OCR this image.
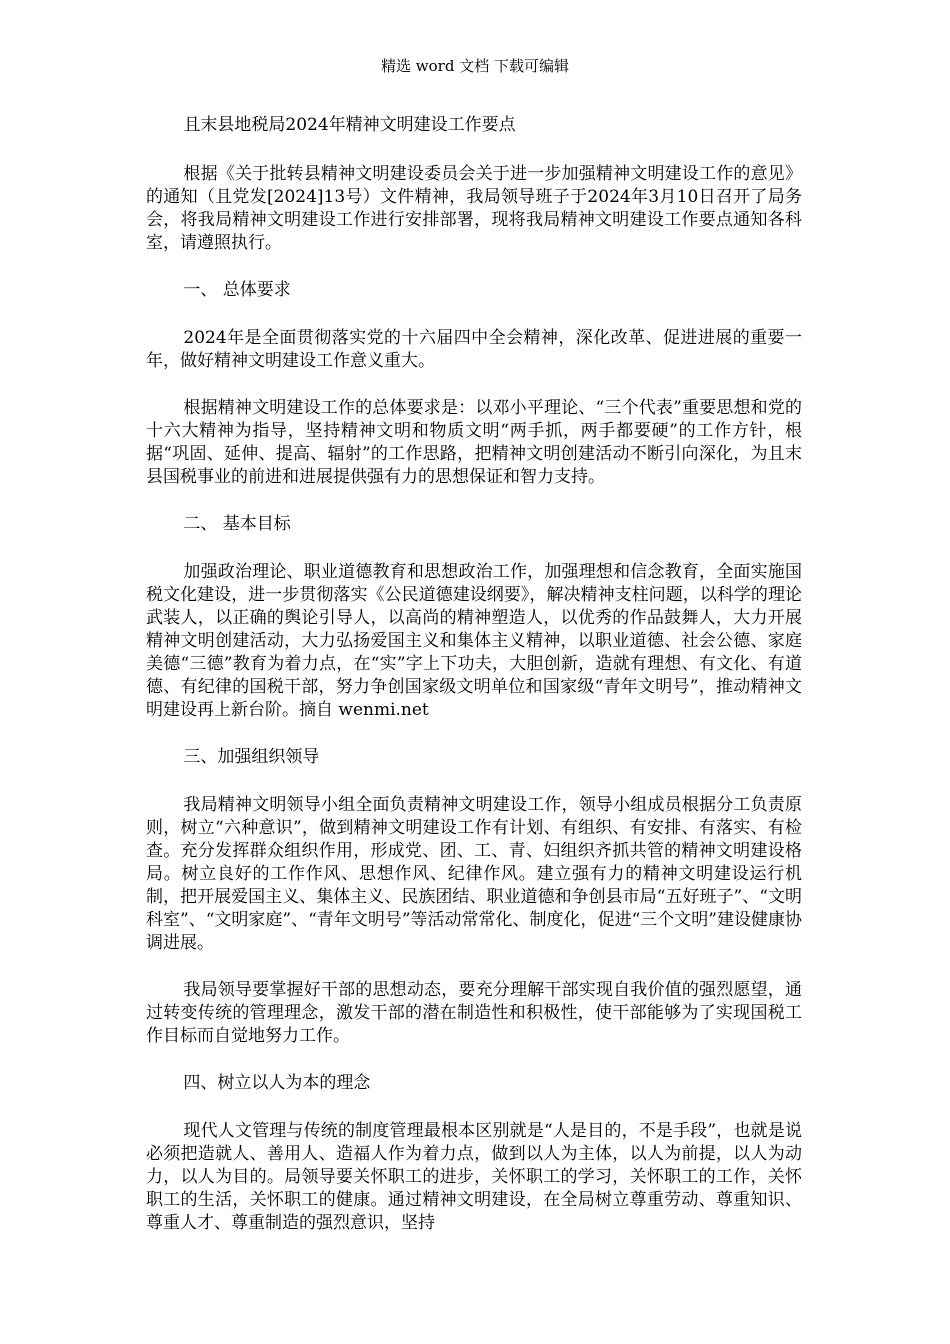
精选 word 文档 下载可编辑

且末县地税局2024年精神文明建设工作要点

根据《关于批转县精神文明建设委员会关于进一步加强精神文明建设工作的意见》的通知（且党发[2024]13号）文件精神，我局领导班子于2024年3月10日召开了局务会，将我局精神文明建设工作进行安排部署，现将我局精神文明建设工作要点通知各科室，请遵照执行。

一、 总体要求

2024年是全面贯彻落实党的十六届四中全会精神，深化改革、促进进展的重要一年，做好精神文明建设工作意义重大。

根据精神文明建设工作的总体要求是：以邓小平理论、“三个代表”重要思想和党的十六大精神为指导，坚持精神文明和物质文明“两手抓，两手都要硬”的工作方针，根据“巩固、延伸、提高、辐射”的工作思路，把精神文明创建活动不断引向深化，为且末县国税事业的前进和进展提供强有力的思想保证和智力支持。

二、 基本目标

加强政治理论、职业道德教育和思想政治工作，加强理想和信念教育，全面实施国税文化建设，进一步贯彻落实《公民道德建设纲要》，解决精神支柱问题，以科学的理论武装人，以正确的舆论引导人，以高尚的精神塑造人，以优秀的作品鼓舞人，大力开展精神文明创建活动，大力弘扬爱国主义和集体主义精神，以职业道德、社会公德、家庭美德“三德”教育为着力点，在“实”字上下功夫，大胆创新，造就有理想、有文化、有道德、有纪律的国税干部，努力争创国家级文明单位和国家级“青年文明号”，推动精神文明建设再上新台阶。摘自 wenmi.net

三、加强组织领导

我局精神文明领导小组全面负责精神文明建设工作，领导小组成员根据分工负责原则，树立“六种意识”，做到精神文明建设工作有计划、有组织、有安排、有落实、有检查。充分发挥群众组织作用，形成党、团、工、青、妇组织齐抓共管的精神文明建设格局。树立良好的工作作风、思想作风、纪律作风。建立强有力的精神文明建设运行机制，把开展爱国主义、集体主义、民族团结、职业道德和争创县市局“五好班子”、“文明科室”、“文明家庭”、“青年文明号”等活动常常化、制度化，促进“三个文明”建设健康协调进展。

我局领导要掌握好干部的思想动态，要充分理解干部实现自我价值的强烈愿望，通过转变传统的管理理念，激发干部的潜在制造性和积极性，使干部能够为了实现国税工作目标而自觉地努力工作。

四、树立以人为本的理念

现代人文管理与传统的制度管理最根本区别就是“人是目的，不是手段”，也就是说必须把造就人、善用人、造福人作为着力点，做到以人为主体，以人为前提，以人为动力，以人为目的。局领导要关怀职工的进步，关怀职工的学习，关怀职工的工作，关怀职工的生活，关怀职工的健康。通过精神文明建设，在全局树立尊重劳动、尊重知识、尊重人才、尊重制造的强烈意识，坚持
